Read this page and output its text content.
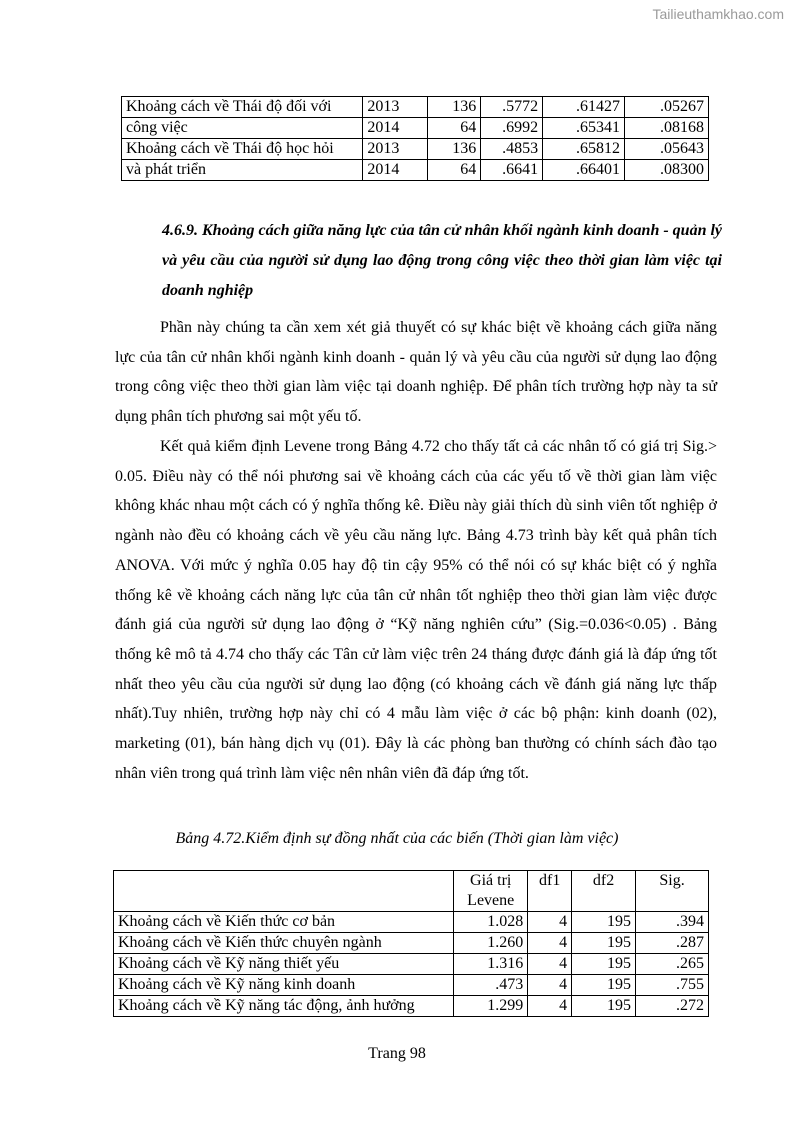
Tailieuthamkhao.com
Khoảng cách về Thái độ đối với	2013	136	.5772	.61427	.05267
công việc	2014	64	.6992	.65341	.08168
Khoảng cách về Thái độ học hỏi	2013	136	.4853	.65812	.05643
và phát triển	2014	64	.6641	.66401	.08300
4.6.9. Khoảng cách giữa năng lực của tân cử nhân khối ngành kinh doanh - quản lý và yêu cầu của người sử dụng lao động trong công việc theo thời gian làm việc tại doanh nghiệp

Phần này chúng ta cần xem xét giả thuyết có sự khác biệt về khoảng cách giữa năng lực của tân cử nhân khối ngành kinh doanh - quản lý và yêu cầu của người sử dụng lao động trong công việc theo thời gian làm việc tại doanh nghiệp. Để phân tích trường hợp này ta sử dụng phân tích phương sai một yếu tố.

Kết quả kiểm định Levene trong Bảng 4.72 cho thấy tất cả các nhân tố có giá trị Sig.> 0.05. Điều này có thể nói phương sai về khoảng cách của các yếu tố về thời gian làm việc không khác nhau một cách có ý nghĩa thống kê. Điều này giải thích dù sinh viên tốt nghiệp ở ngành nào đều có khoảng cách về yêu cầu năng lực. Bảng 4.73 trình bày kết quả phân tích ANOVA. Với mức ý nghĩa 0.05 hay độ tin cậy 95% có thể nói có sự khác biệt có ý nghĩa thống kê về khoảng cách năng lực của tân cử nhân tốt nghiệp theo thời gian làm việc được đánh giá của người sử dụng lao động ở “Kỹ năng nghiên cứu” (Sig.=0.036<0.05) . Bảng thống kê mô tả 4.74 cho thấy các Tân cử làm việc trên 24 tháng được đánh giá là đáp ứng tốt nhất theo yêu cầu của người sử dụng lao động (có khoảng cách về đánh giá năng lực thấp nhất).Tuy nhiên, trường hợp này chỉ có 4 mẫu làm việc ở các bộ phận: kinh doanh (02), marketing (01), bán hàng dịch vụ (01). Đây là các phòng ban thường có chính sách đào tạo nhân viên trong quá trình làm việc nên nhân viên đã đáp ứng tốt.

Bảng 4.72.Kiểm định sự đồng nhất của các biến (Thời gian làm việc)
	Giá trị Levene	df1	df2	Sig.
Khoảng cách về Kiến thức cơ bản	1.028	4	195	.394
Khoảng cách về Kiến thức chuyên ngành	1.260	4	195	.287
Khoảng cách về Kỹ năng thiết yếu	1.316	4	195	.265
Khoảng cách về Kỹ năng kinh doanh	.473	4	195	.755
Khoảng cách về Kỹ năng tác động, ảnh hưởng	1.299	4	195	.272
Trang 98
